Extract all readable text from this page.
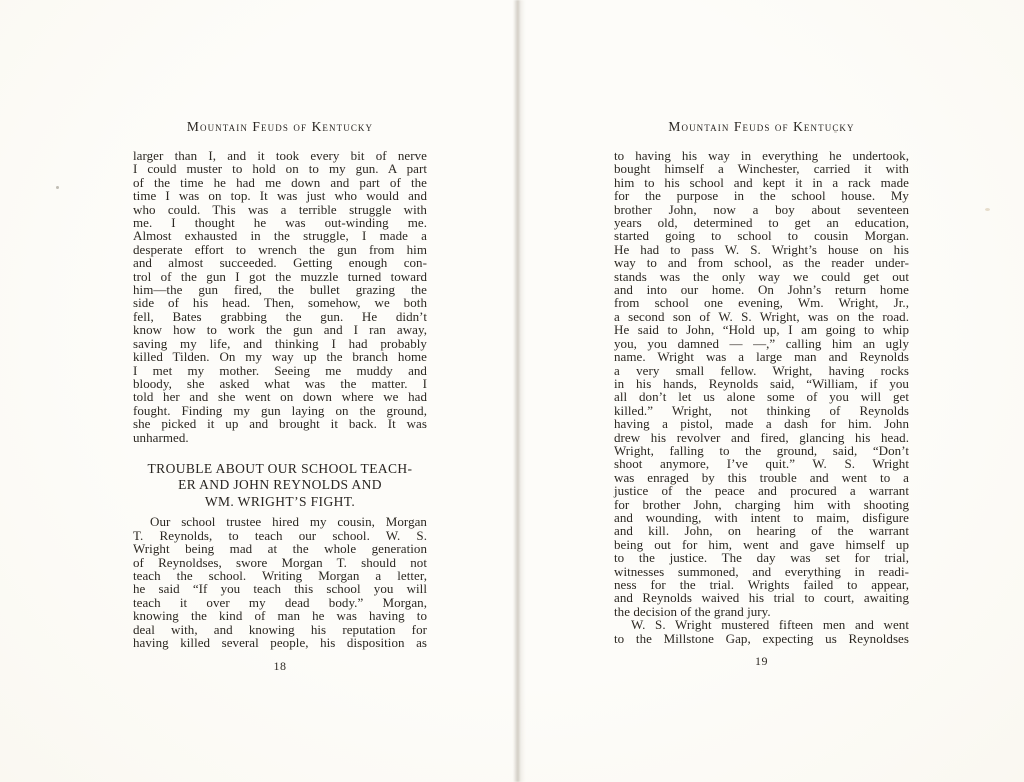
Mountain Feuds of Kentucky
larger than I, and it took every bit of nerve
I could muster to hold on to my gun. A part
of the time he had me down and part of the
time I was on top. It was just who would and
who could. This was a terrible struggle with
me. I thought he was out-winding me.
Almost exhausted in the struggle, I made a
desperate effort to wrench the gun from him
and almost succeeded. Getting enough con-
trol of the gun I got the muzzle turned toward
him—the gun fired, the bullet grazing the
side of his head. Then, somehow, we both
fell, Bates grabbing the gun. He didn’t
know how to work the gun and I ran away,
saving my life, and thinking I had probably
killed Tilden. On my way up the branch home
I met my mother. Seeing me muddy and
bloody, she asked what was the matter. I
told her and she went on down where we had
fought. Finding my gun laying on the ground,
she picked it up and brought it back. It was
unharmed.
TROUBLE ABOUT OUR SCHOOL TEACH-
ER AND JOHN REYNOLDS AND
WM. WRIGHT’S FIGHT.
Our school trustee hired my cousin, Morgan
T. Reynolds, to teach our school. W. S.
Wright being mad at the whole generation
of Reynoldses, swore Morgan T. should not
teach the school. Writing Morgan a letter,
he said “If you teach this school you will
teach it over my dead body.” Morgan,
knowing the kind of man he was having to
deal with, and knowing his reputation for
having killed several people, his disposition as
18
Mountain Feuds of Kentucky
to having his way in everything he undertook,
bought himself a Winchester, carried it with
him to his school and kept it in a rack made
for the purpose in the school house. My
brother John, now a boy about seventeen
years old, determined to get an education,
started going to school to cousin Morgan.
He had to pass W. S. Wright’s house on his
way to and from school, as the reader under-
stands was the only way we could get out
and into our home. On John’s return home
from school one evening, Wm. Wright, Jr.,
a second son of W. S. Wright, was on the road.
He said to John, “Hold up, I am going to whip
you, you damned — —,” calling him an ugly
name. Wright was a large man and Reynolds
a very small fellow. Wright, having rocks
in his hands, Reynolds said, “William, if you
all don’t let us alone some of you will get
killed.” Wright, not thinking of Reynolds
having a pistol, made a dash for him. John
drew his revolver and fired, glancing his head.
Wright, falling to the ground, said, “Don’t
shoot anymore, I’ve quit.” W. S. Wright
was enraged by this trouble and went to a
justice of the peace and procured a warrant
for brother John, charging him with shooting
and wounding, with intent to maim, disfigure
and kill. John, on hearing of the warrant
being out for him, went and gave himself up
to the justice. The day was set for trial,
witnesses summoned, and everything in readi-
ness for the trial. Wrights failed to appear,
and Reynolds waived his trial to court, awaiting
the decision of the grand jury.
W. S. Wright mustered fifteen men and went
to the Millstone Gap, expecting us Reynoldses
19
